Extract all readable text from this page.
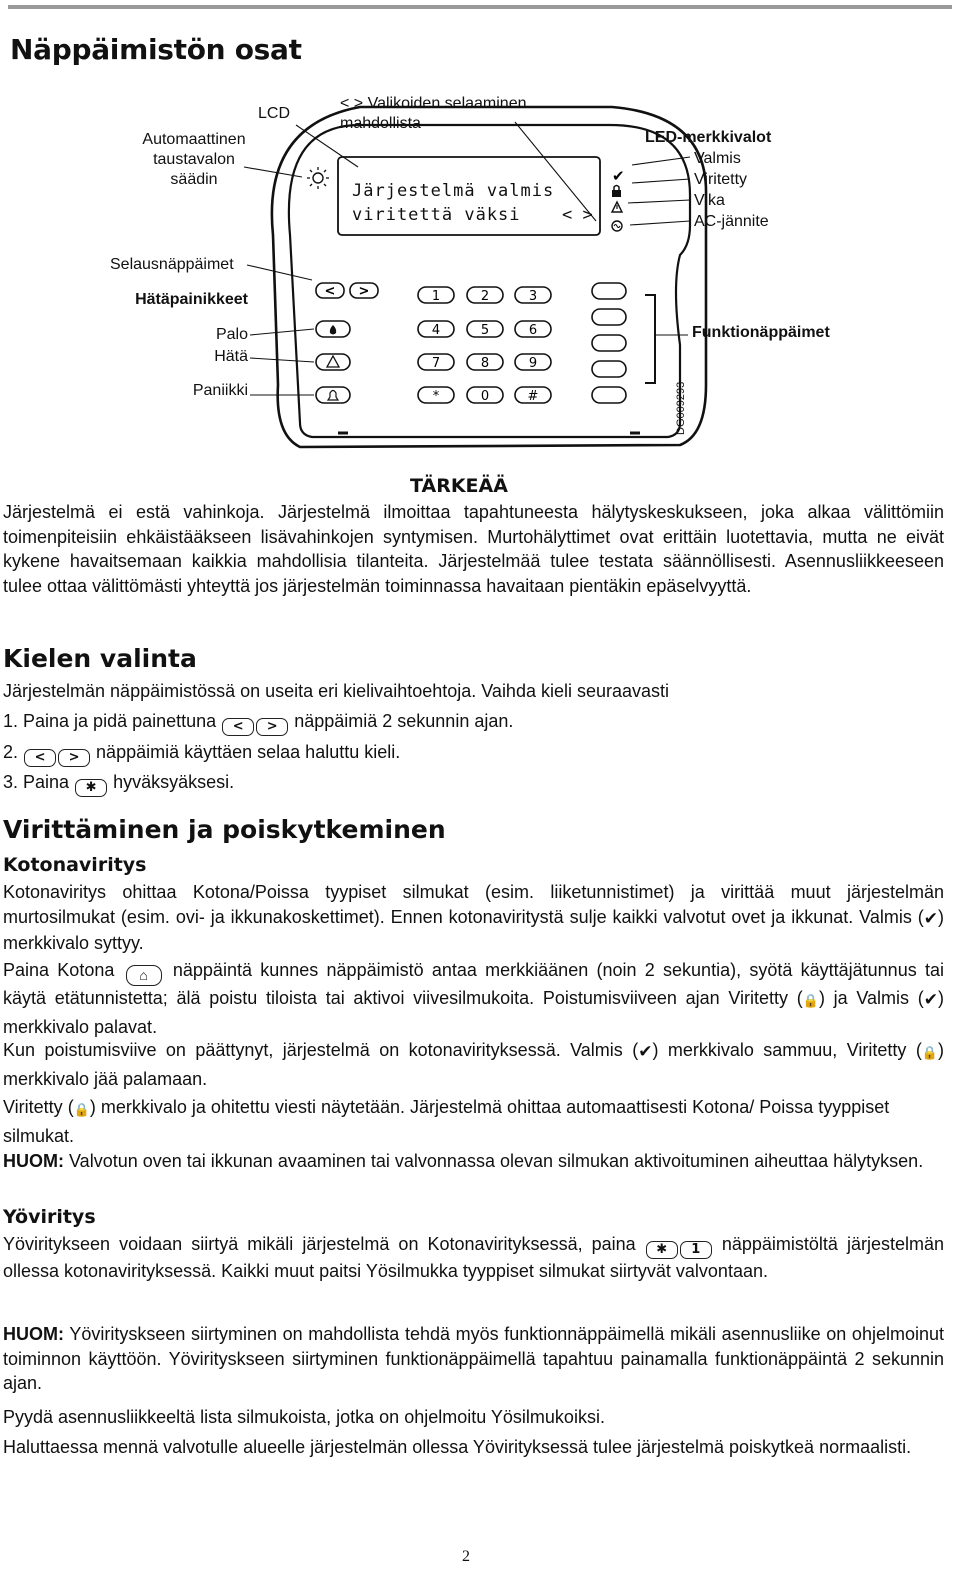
Näppäimistön osat
✔
< >	1	2	3
4	5	6
7	8	9
*	0	#
Järjestelmä valmis
viritettä väksi < >
Automaattinen
taustavalon
säädin
LCD
< > Valikoiden selaaminen
mahdollista
LED-merkkivalot
Valmis
Viritetty
Vika
AC-jännite
Selausnäppäimet
Hätäpainikkeet
Palo
Hätä
Paniikki
Funktionäppäimet
DG009293
TÄRKEÄÄ
Järjestelmä ei estä vahinkoja. Järjestelmä ilmoittaa tapahtuneesta hälytyskeskukseen, joka alkaa välittömiin toimenpiteisiin ehkäistääkseen lisävahinkojen syntymisen. Murtohälyttimet ovat erittäin luotettavia, mutta ne eivät kykene havaitsemaan kaikkia mahdollisia tilanteita. Järjestelmää tulee testata säännöllisesti. Asennusliikkeeseen tulee ottaa välittömästi yhteyttä jos järjestelmän toiminnassa havaitaan pientäkin epäselvyyttä.
Kielen valinta
Järjestelmän näppäimistössä on useita eri kielivaihtoehtoja. Vaihda kieli seuraavasti
1. Paina ja pidä painettuna < > näppäimiä 2 sekunnin ajan.
2. < > näppäimiä käyttäen selaa haluttu kieli.
3. Paina ✱ hyväksyäksesi.
Virittäminen ja poiskytkeminen
Kotonaviritys
Kotonaviritys ohittaa Kotona/Poissa tyypiset silmukat (esim. liiketunnistimet) ja virittää muut järjestelmän murtosilmukat (esim. ovi- ja ikkunakoskettimet). Ennen kotonaviritystä sulje kaikki valvotut ovet ja ikkunat. Valmis (✔) merkkivalo syttyy.
Paina Kotona ⌂ näppäintä kunnes näppäimistö antaa merkkiäänen (noin 2 sekuntia), syötä käyttäjätunnus tai käytä etätunnistetta; älä poistu tiloista tai aktivoi viivesilmukoita. Poistumisviiveen ajan Viritetty (🔒) ja Valmis (✔) merkkivalo palavat.
Kun poistumisviive on päättynyt, järjestelmä on kotonavirityksessä. Valmis (✔) merkkivalo sammuu, Viritetty (🔒) merkkivalo jää palamaan.
Viritetty (🔒) merkkivalo ja ohitettu viesti näytetään. Järjestelmä ohittaa automaattisesti Kotona/ Poissa tyyppiset silmukat.
HUOM: Valvotun oven tai ikkunan avaaminen tai valvonnassa olevan silmukan aktivoituminen aiheuttaa hälytyksen.
Yöviritys
Yöviritykseen voidaan siirtyä mikäli järjestelmä on Kotonavirityksessä, paina ✱ 1 näppäimistöltä järjestelmän ollessa kotonavirityksessä. Kaikki muut paitsi Yösilmukka tyyppiset silmukat siirtyvät valvontaan.
HUOM: Yövirityskseen siirtyminen on mahdollista tehdä myös funktionnäppäimellä mikäli asennusliike on ohjelmoinut toiminnon käyttöön. Yövirityskseen siirtyminen funktionäppäimellä tapahtuu painamalla funktionäppäintä 2 sekunnin ajan.
Pyydä asennusliikkeeltä lista silmukoista, jotka on ohjelmoitu Yösilmukoiksi.
Haluttaessa mennä valvotulle alueelle järjestelmän ollessa Yövirityksessä tulee järjestelmä poiskytkeä normaalisti.
2
